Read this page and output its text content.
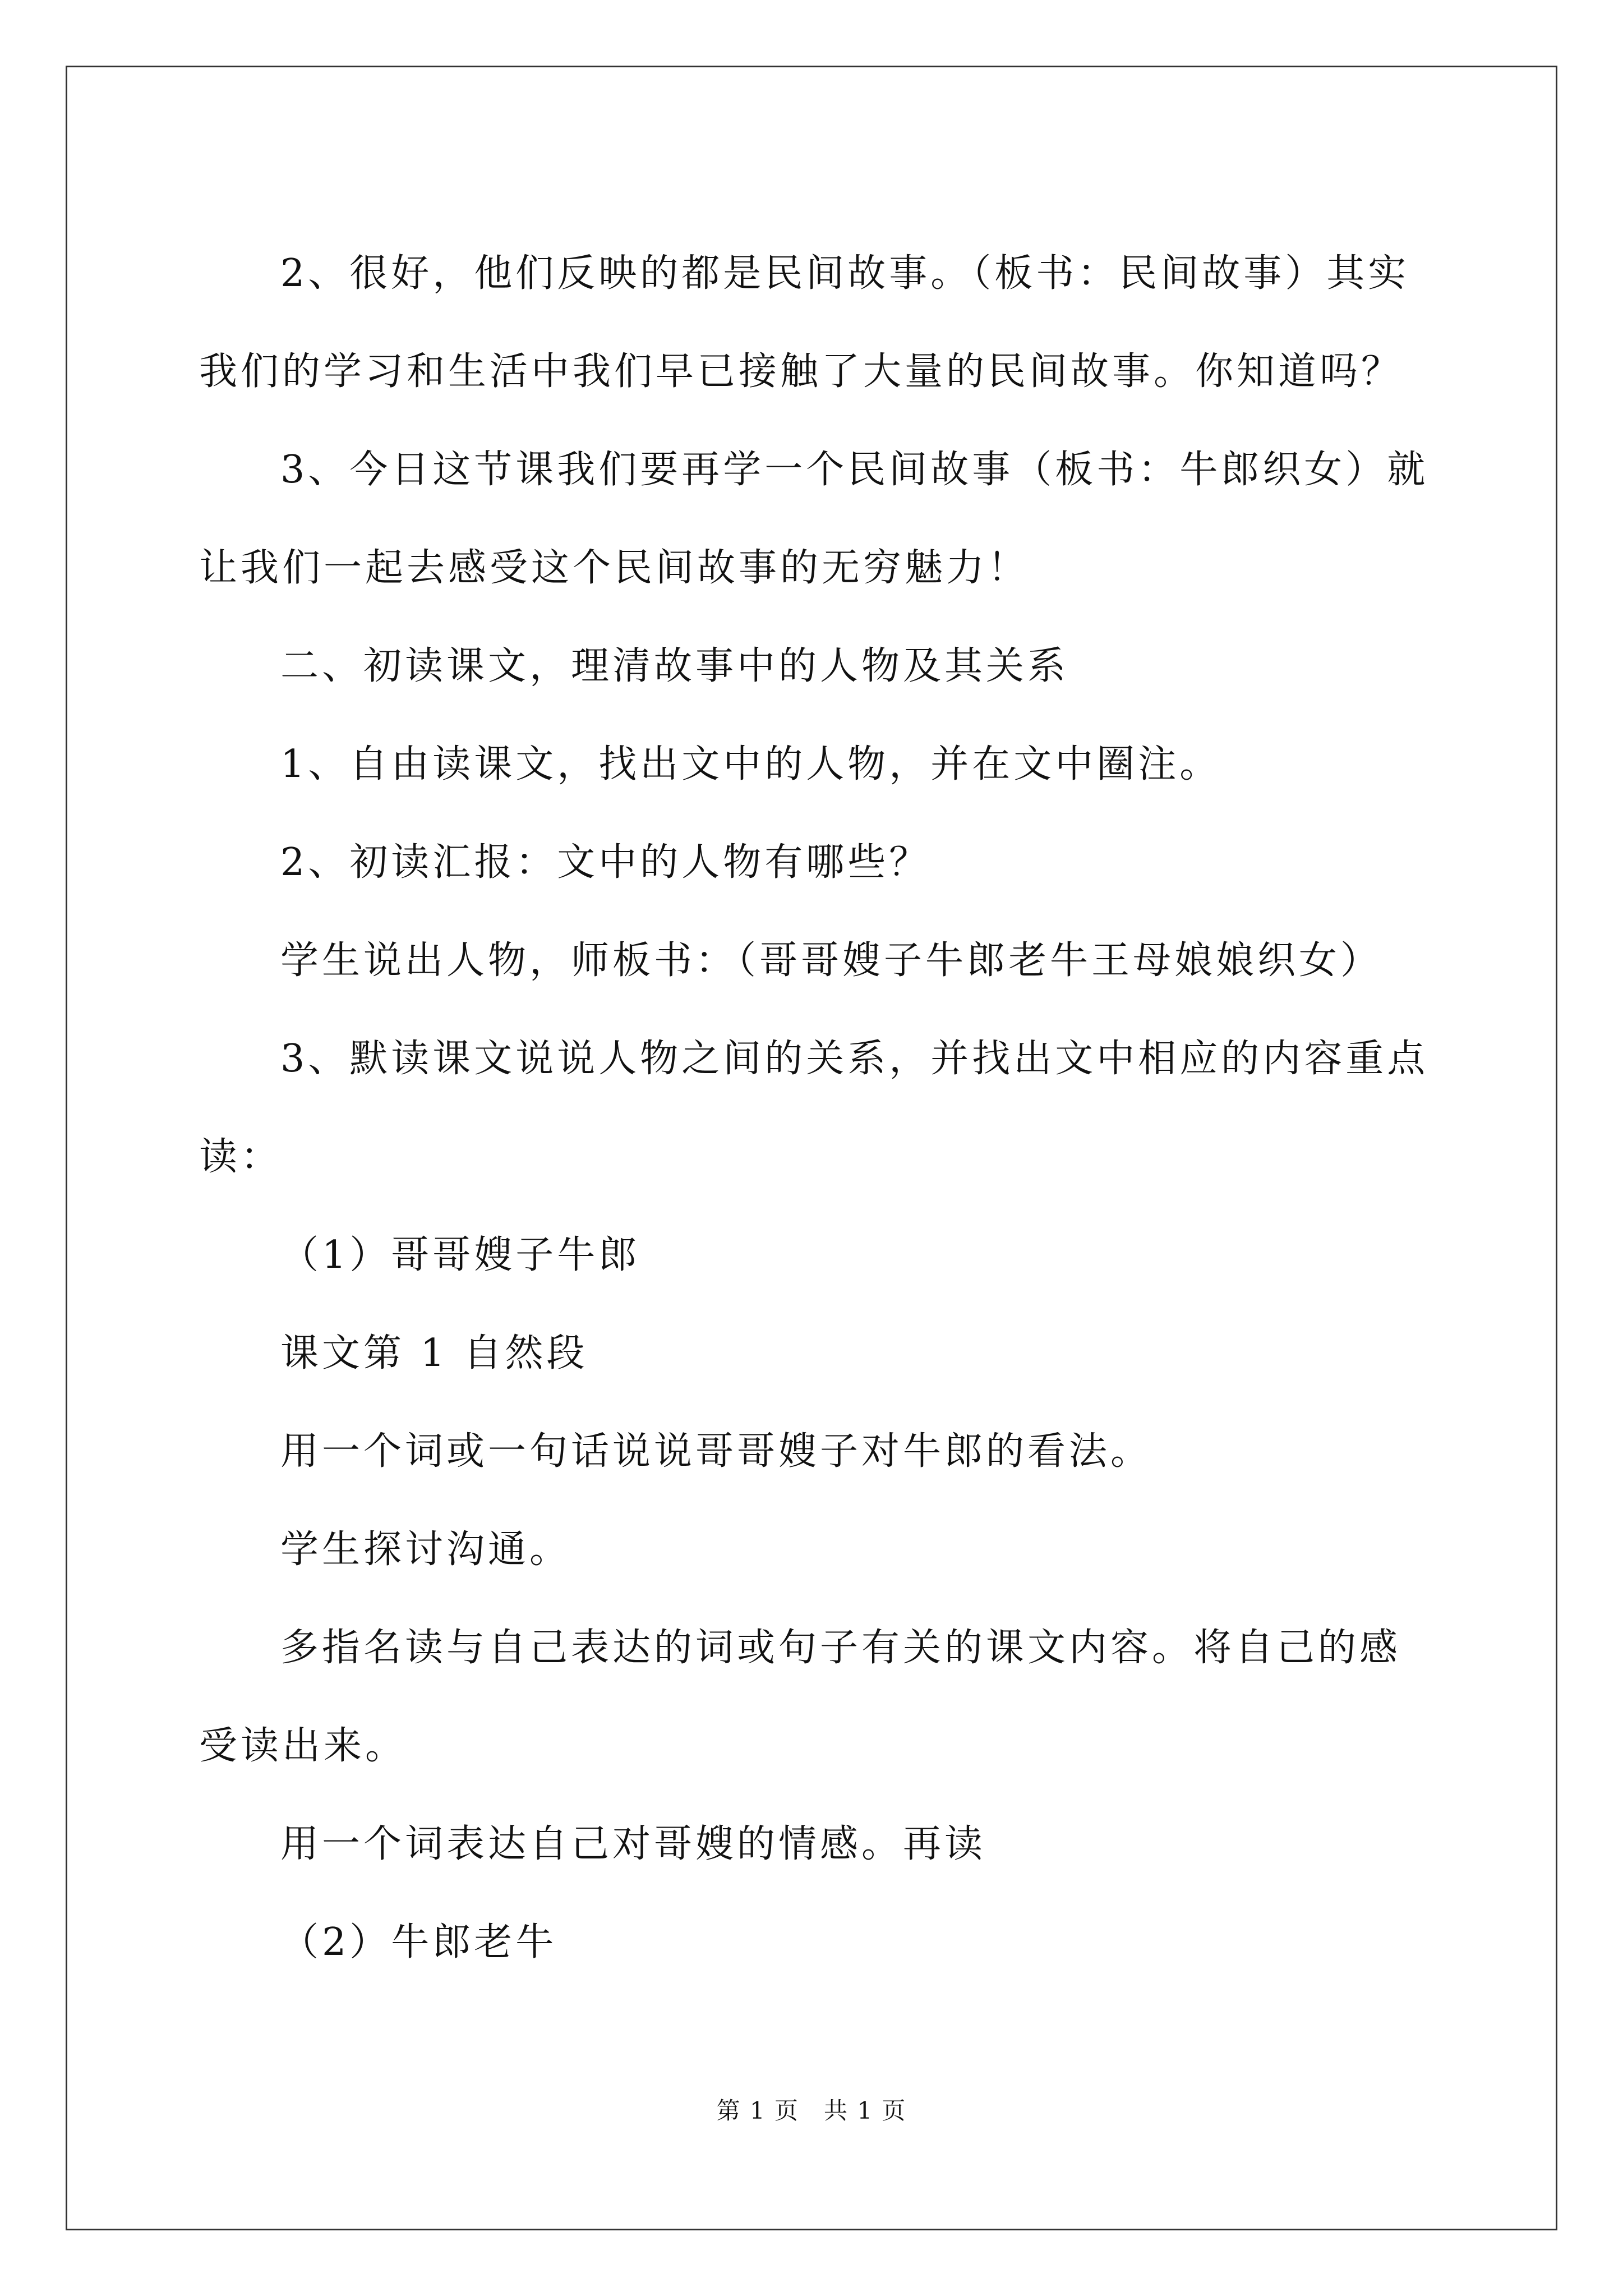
2、很好，他们反映的都是民间故事。（板书：民间故事）其实我们的学习和生活中我们早已接触了大量的民间故事。你知道吗？

3、今日这节课我们要再学一个民间故事（板书：牛郎织女）就让我们一起去感受这个民间故事的无穷魅力！

二、初读课文，理清故事中的人物及其关系

1、自由读课文，找出文中的人物，并在文中圈注。

2、初读汇报：文中的人物有哪些？

学生说出人物，师板书：（哥哥嫂子牛郎老牛王母娘娘织女）

3、默读课文说说人物之间的关系，并找出文中相应的内容重点读：

（1）哥哥嫂子牛郎

课文第 1 自然段

用一个词或一句话说说哥哥嫂子对牛郎的看法。

学生探讨沟通。

多指名读与自己表达的词或句子有关的课文内容。将自己的感受读出来。

用一个词表达自己对哥嫂的情感。再读

（2）牛郎老牛

第 1 页　共 1 页
